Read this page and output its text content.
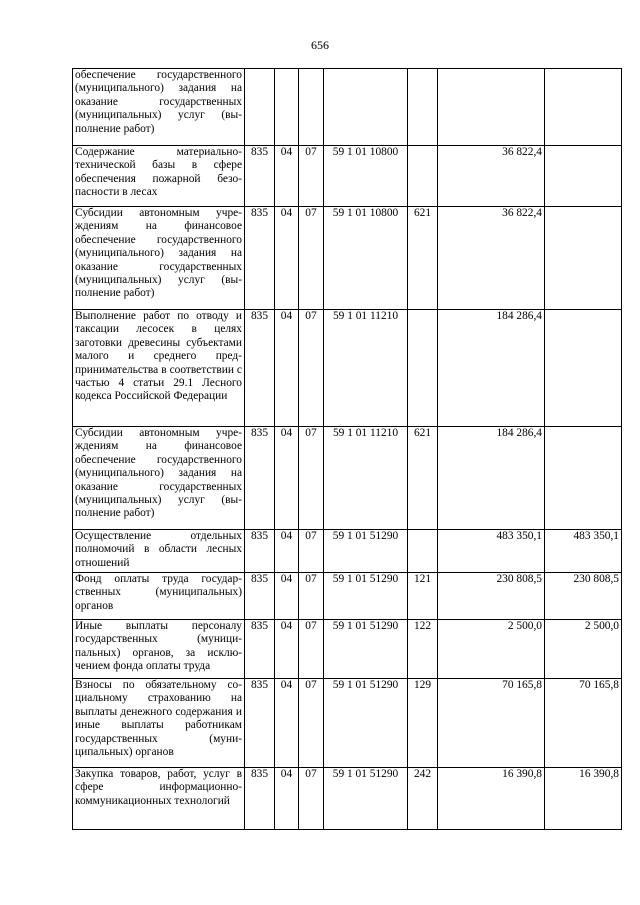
656
обеспечение государственного (муниципального) задания на оказание государственных (муниципальных) услуг (выполнение работ)							
Содержание материально-технической базы в сфере обеспечения пожарной безопасности в лесах	835	04	07	59 1 01 10800		36 822,4	
Субсидии автономным учреждениям на финансовое обеспечение государственного (муниципального) задания на оказание государственных (муниципальных) услуг (выполнение работ)	835	04	07	59 1 01 10800	621	36 822,4	
Выполнение работ по отводу и таксации лесосек в целях заготовки древесины субъектами малого и среднего предпринимательства в соответствии с частью 4 статьи 29.1 Лесного кодекса Российской Федерации	835	04	07	59 1 01 11210		184 286,4	
Субсидии автономным учреждениям на финансовое обеспечение государственного (муниципального) задания на оказание государственных (муниципальных) услуг (выполнение работ)	835	04	07	59 1 01 11210	621	184 286,4	
Осуществление отдельных полномочий в области лесных отношений	835	04	07	59 1 01 51290		483 350,1	483 350,1
Фонд оплаты труда государственных (муниципальных) органов	835	04	07	59 1 01 51290	121	230 808,5	230 808,5
Иные выплаты персоналу государственных (муниципальных) органов, за исключением фонда оплаты труда	835	04	07	59 1 01 51290	122	2 500,0	2 500,0
Взносы по обязательному социальному страхованию на выплаты денежного содержания и иные выплаты работникам государственных (муниципальных) органов	835	04	07	59 1 01 51290	129	70 165,8	70 165,8
Закупка товаров, работ, услуг в сфере информационно-коммуникационных технологий	835	04	07	59 1 01 51290	242	16 390,8	16 390,8
